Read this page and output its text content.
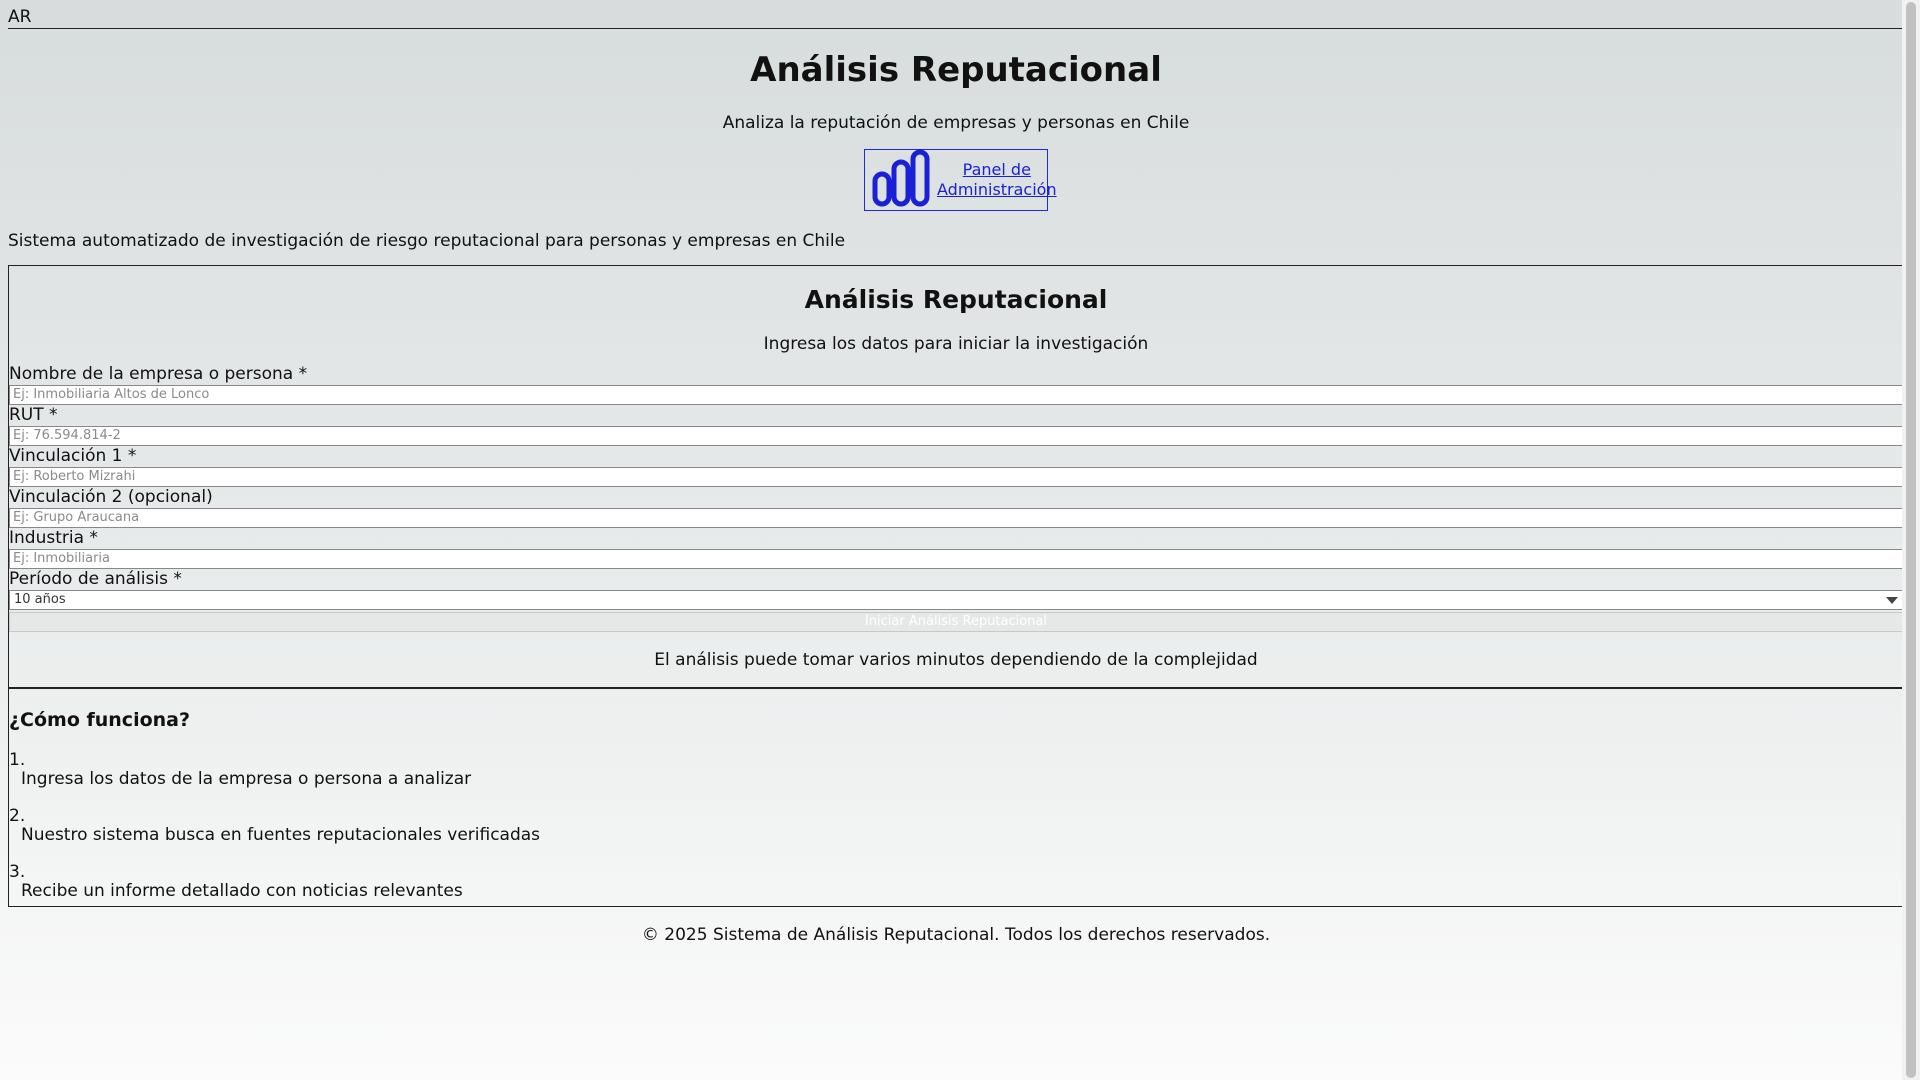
AR
Análisis Reputacional
Analiza la reputación de empresas y personas en Chile
Panel de Administración
Sistema automatizado de investigación de riesgo reputacional para personas y empresas en Chile
Análisis Reputacional
Ingresa los datos para iniciar la investigación
Nombre de la empresa o persona *
Ej: Inmobiliaria Altos de Lonco
RUT *
Ej: 76.594.814-2
Vinculación 1 *
Ej: Roberto Mizrahi
Vinculación 2 (opcional)
Ej: Grupo Araucana
Industria *
Ej: Inmobiliaria
Período de análisis *
10 años
Iniciar Análisis Reputacional
El análisis puede tomar varios minutos dependiendo de la complejidad
¿Cómo funciona?
1.
Ingresa los datos de la empresa o persona a analizar
2.
Nuestro sistema busca en fuentes reputacionales verificadas
3.
Recibe un informe detallado con noticias relevantes
© 2025 Sistema de Análisis Reputacional. Todos los derechos reservados.
